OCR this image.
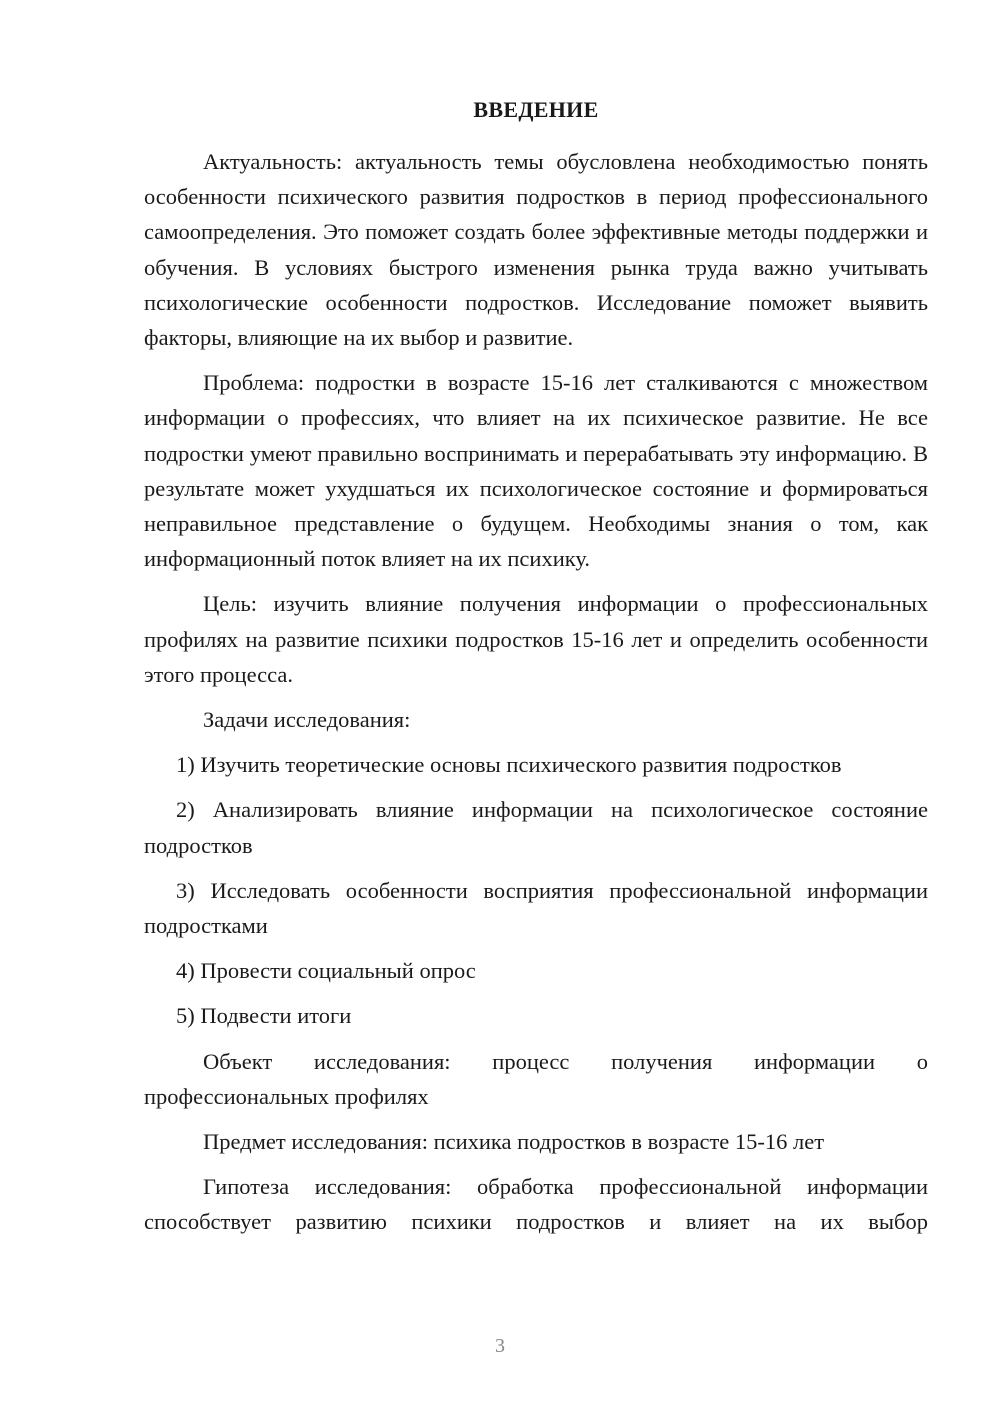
ВВЕДЕНИЕ

Актуальность: актуальность темы обусловлена необходимостью понять особенности психического развития подростков в период профессионального самоопределения. Это поможет создать более эффективные методы поддержки и обучения. В условиях быстрого изменения рынка труда важно учитывать психологические особенности подростков. Исследование поможет выявить факторы, влияющие на их выбор и развитие.

Проблема: подростки в возрасте 15-16 лет сталкиваются с множеством информации о профессиях, что влияет на их психическое развитие. Не все подростки умеют правильно воспринимать и перерабатывать эту информацию. В результате может ухудшаться их психологическое состояние и формироваться неправильное представление о будущем. Необходимы знания о том, как информационный поток влияет на их психику.

Цель: изучить влияние получения информации о профессиональных профилях на развитие психики подростков 15-16 лет и определить особенности этого процесса.

Задачи исследования:

1) Изучить теоретические основы психического развития подростков

2) Анализировать влияние информации на психологическое состояние подростков

3) Исследовать особенности восприятия профессиональной информации подростками

4) Провести социальный опрос

5) Подвести итоги

Объект исследования: процесс получения информации о профессиональных профилях

Предмет исследования: психика подростков в возрасте 15-16 лет

Гипотеза исследования: обработка профессиональной информации способствует развитию психики подростков и влияет на их выбор

3
